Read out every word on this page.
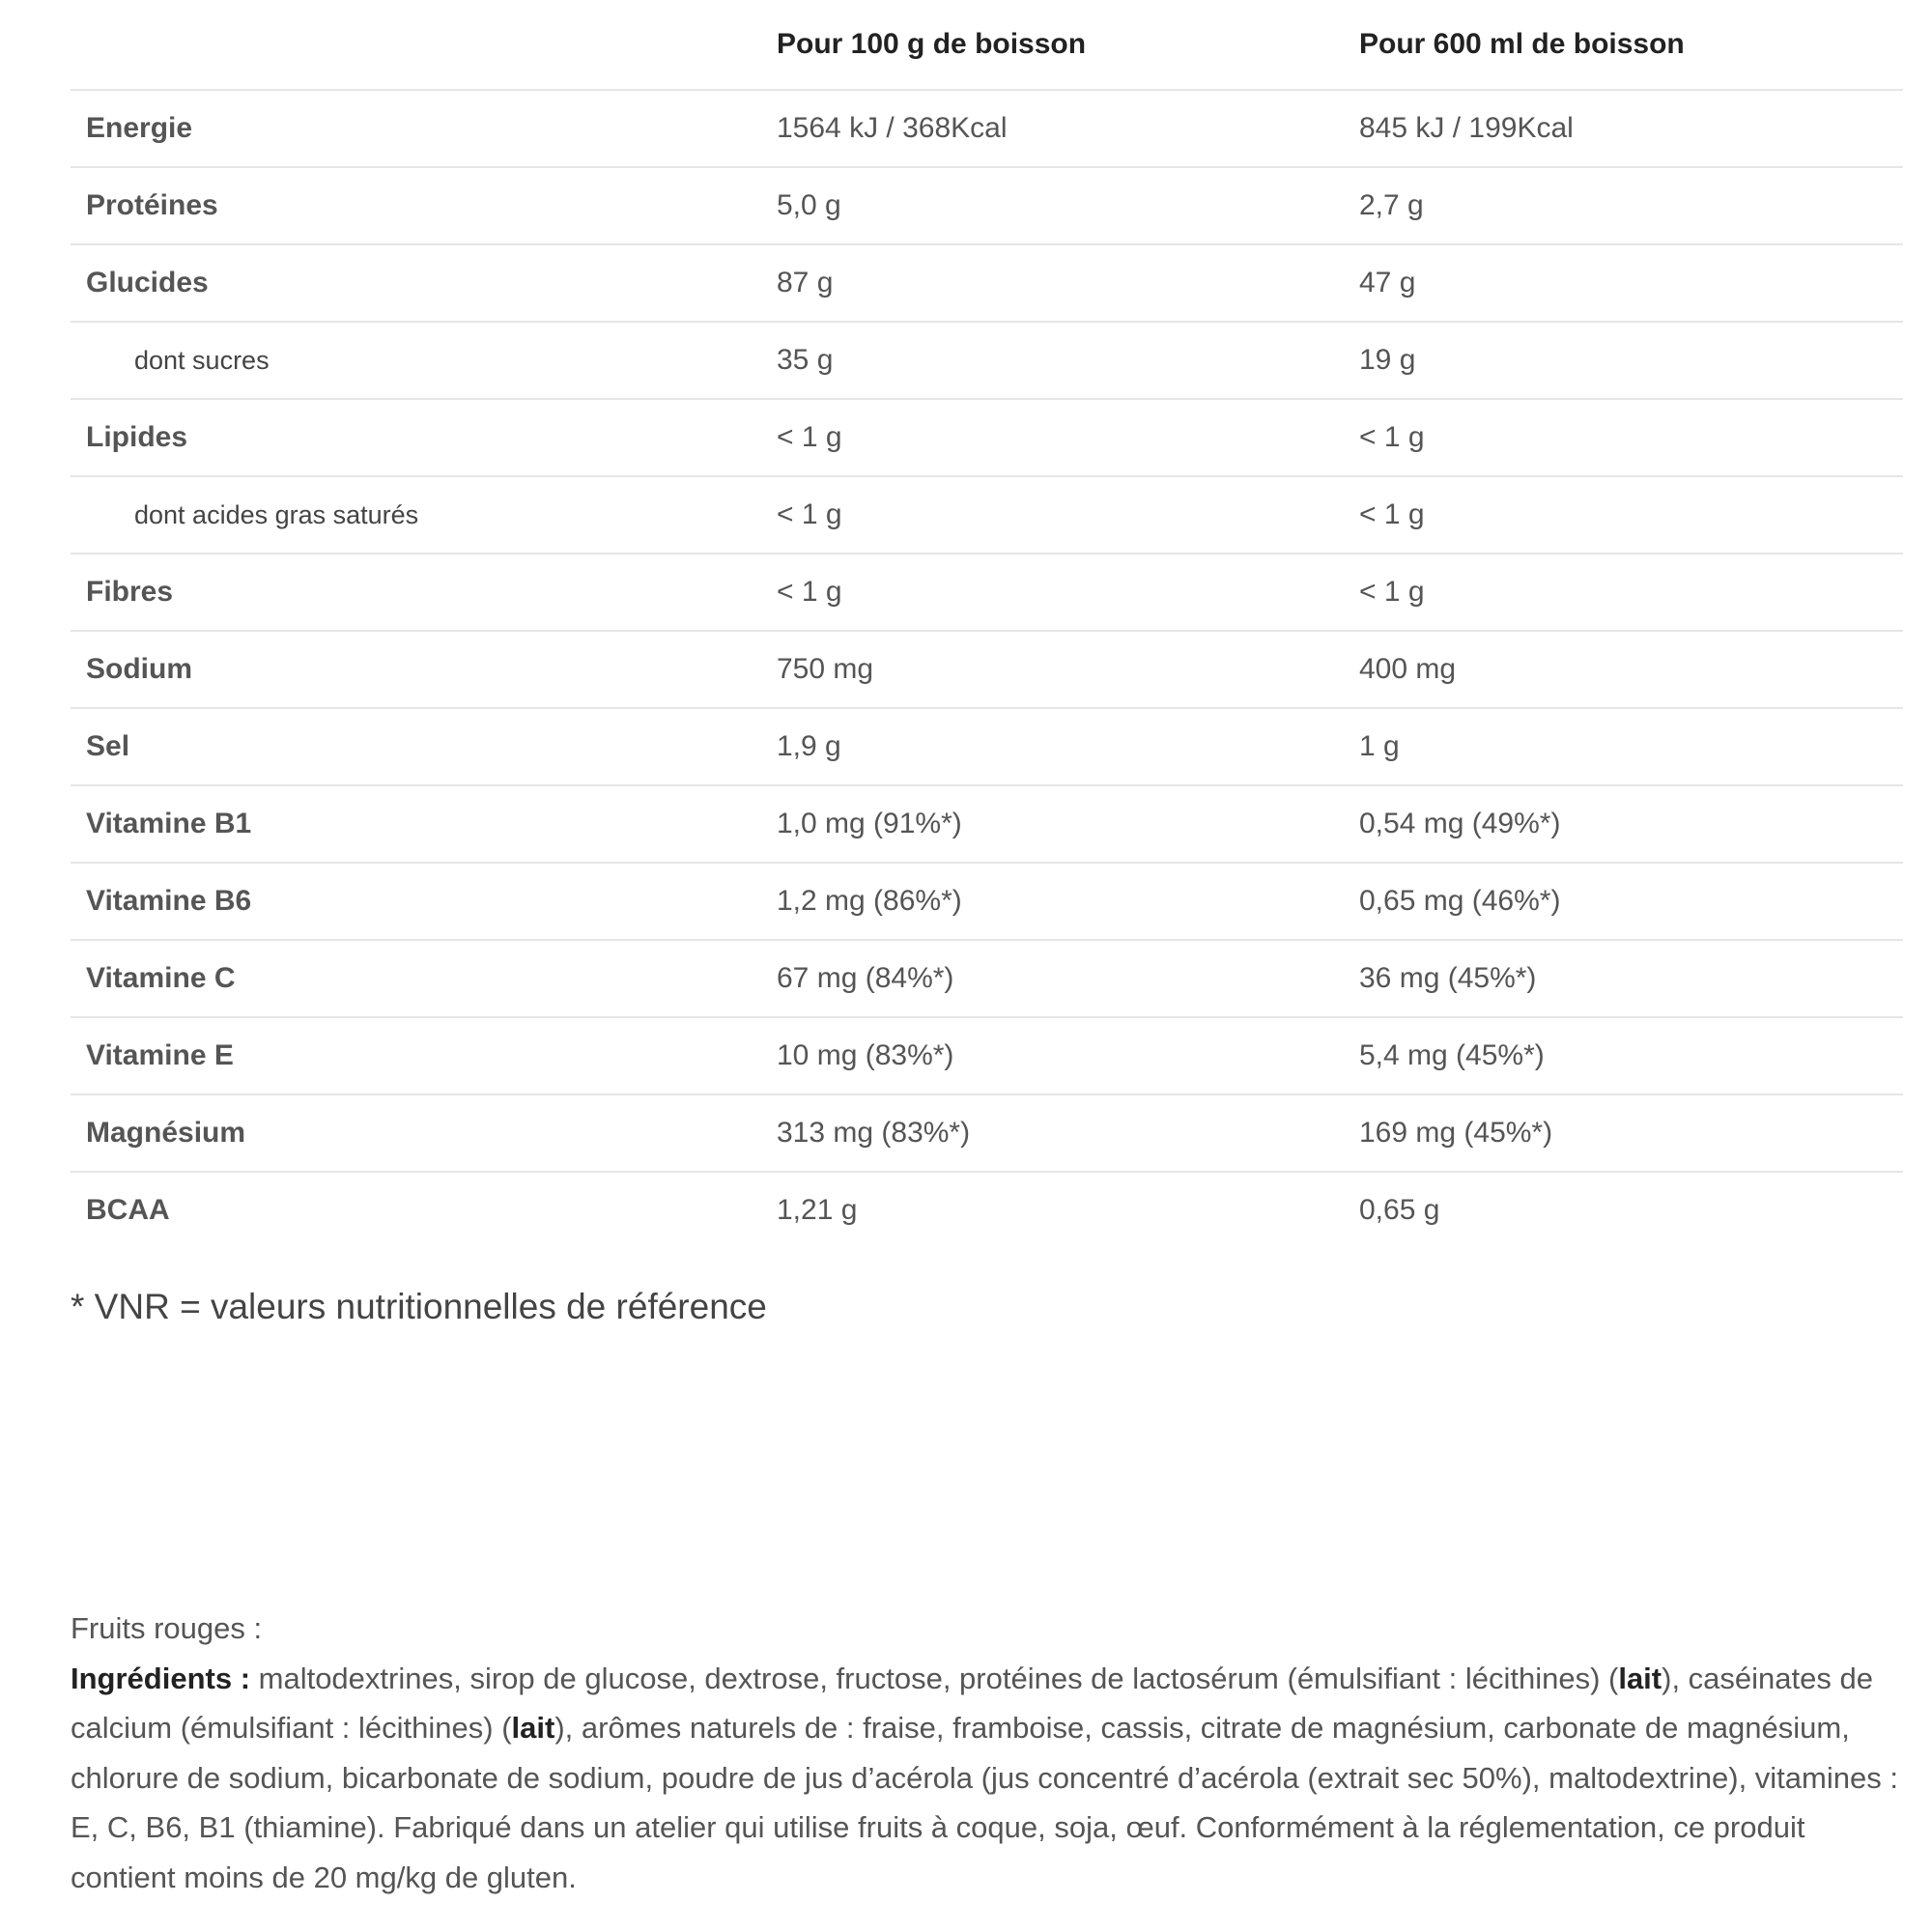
	Pour 100 g de boisson	Pour 600 ml de boisson
Energie	1564 kJ / 368Kcal	845 kJ / 199Kcal
Protéines	5,0 g	2,7 g
Glucides	87 g	47 g
dont sucres	35 g	19 g
Lipides	< 1 g	< 1 g
dont acides gras saturés	< 1 g	< 1 g
Fibres	< 1 g	< 1 g
Sodium	750 mg	400 mg
Sel	1,9 g	1 g
Vitamine B1	1,0 mg (91%*)	0,54 mg (49%*)
Vitamine B6	1,2 mg (86%*)	0,65 mg (46%*)
Vitamine C	67 mg (84%*)	36 mg (45%*)
Vitamine E	10 mg (83%*)	5,4 mg (45%*)
Magnésium	313 mg (83%*)	169 mg (45%*)
BCAA	1,21 g	0,65 g
* VNR = valeurs nutritionnelles de référence
Fruits rouges :
Ingrédients : maltodextrines, sirop de glucose, dextrose, fructose, protéines de lactosérum (émulsifiant : lécithines) (lait), caséinates de calcium (émulsifiant : lécithines) (lait), arômes naturels de : fraise, framboise, cassis, citrate de magnésium, carbonate de magnésium, chlorure de sodium, bicarbonate de sodium, poudre de jus d’acérola (jus concentré d’acérola (extrait sec 50%), maltodextrine), vitamines : E, C, B6, B1 (thiamine). Fabriqué dans un atelier qui utilise fruits à coque, soja, œuf. Conformément à la réglementation, ce produit contient moins de 20 mg/kg de gluten.
